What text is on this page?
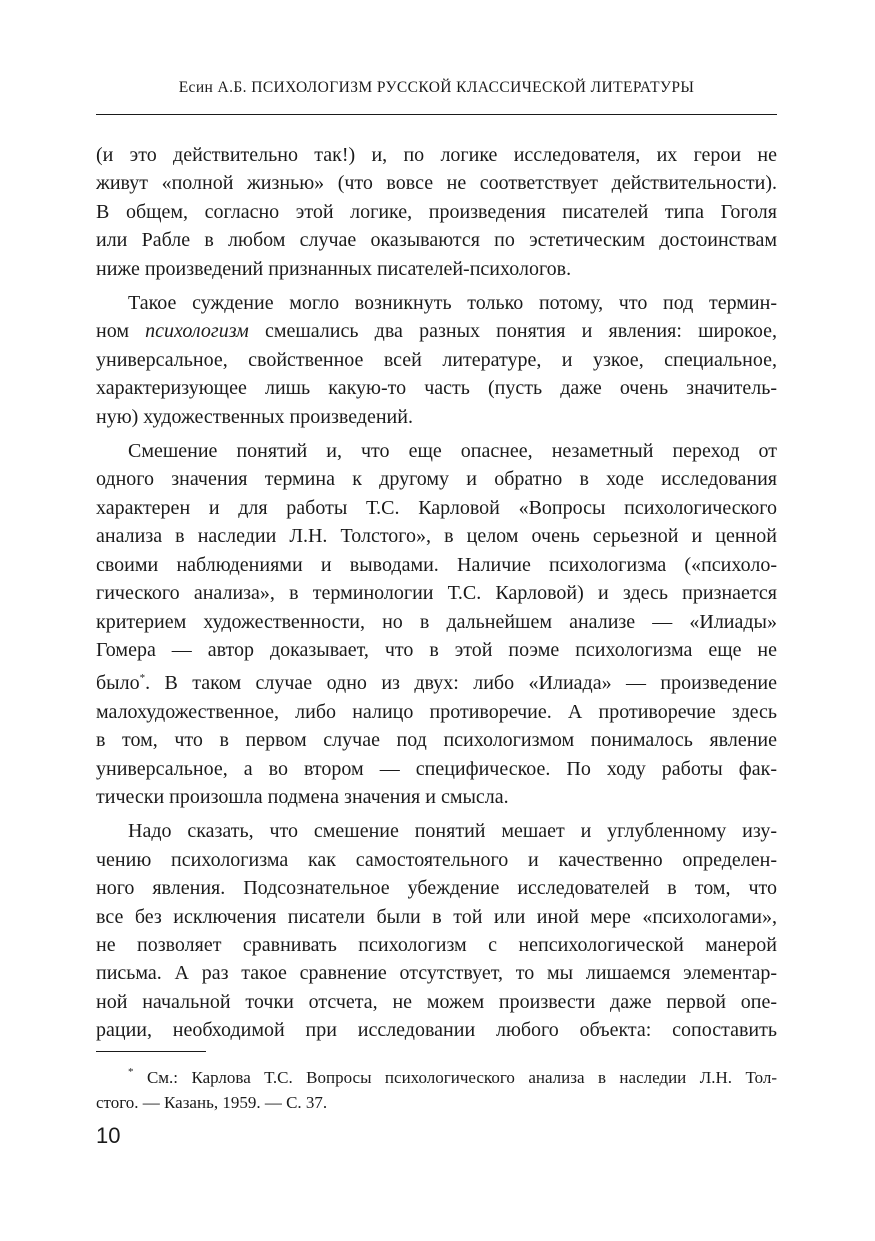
Есин А.Б. ПСИХОЛОГИЗМ РУССКОЙ КЛАССИЧЕСКОЙ ЛИТЕРАТУРЫ

(и это действительно так!) и, по логике исследователя, их герои не
живут «полной жизнью» (что вовсе не соответствует действительности).
В общем, согласно этой логике, произведения писателей типа Гоголя
или Рабле в любом случае оказываются по эстетическим достоинствам
ниже произведений признанных писателей-психологов.

Такое суждение могло возникнуть только потому, что под термин-
ном психологизм смешались два разных понятия и явления: широкое,
универсальное, свойственное всей литературе, и узкое, специальное,
характеризующее лишь какую-то часть (пусть даже очень значитель-
ную) художественных произведений.

Смешение понятий и, что еще опаснее, незаметный переход от
одного значения термина к другому и обратно в ходе исследования
характерен и для работы Т.С. Карловой «Вопросы психологического
анализа в наследии Л.Н. Толстого», в целом очень серьезной и ценной
своими наблюдениями и выводами. Наличие психологизма («психоло-
гического анализа», в терминологии Т.С. Карловой) и здесь признается
критерием художественности, но в дальнейшем анализе — «Илиады»
Гомера — автор доказывает, что в этой поэме психологизма еще не
было*. В таком случае одно из двух: либо «Илиада» — произведение
малохудожественное, либо налицо противоречие. А противоречие здесь
в том, что в первом случае под психологизмом понималось явление
универсальное, а во втором — специфическое. По ходу работы фак-
тически произошла подмена значения и смысла.

Надо сказать, что смешение понятий мешает и углубленному изу-
чению психологизма как самостоятельного и качественно определен-
ного явления. Подсознательное убеждение исследователей в том, что
все без исключения писатели были в той или иной мере «психологами»,
не позволяет сравнивать психологизм с непсихологической манерой
письма. А раз такое сравнение отсутствует, то мы лишаемся элементар-
ной начальной точки отсчета, не можем произвести даже первой опе-
рации, необходимой при исследовании любого объекта: сопоставить

* См.: Карлова Т.С. Вопросы психологического анализа в наследии Л.Н. Тол-
стого. — Казань, 1959. — С. 37.
10
